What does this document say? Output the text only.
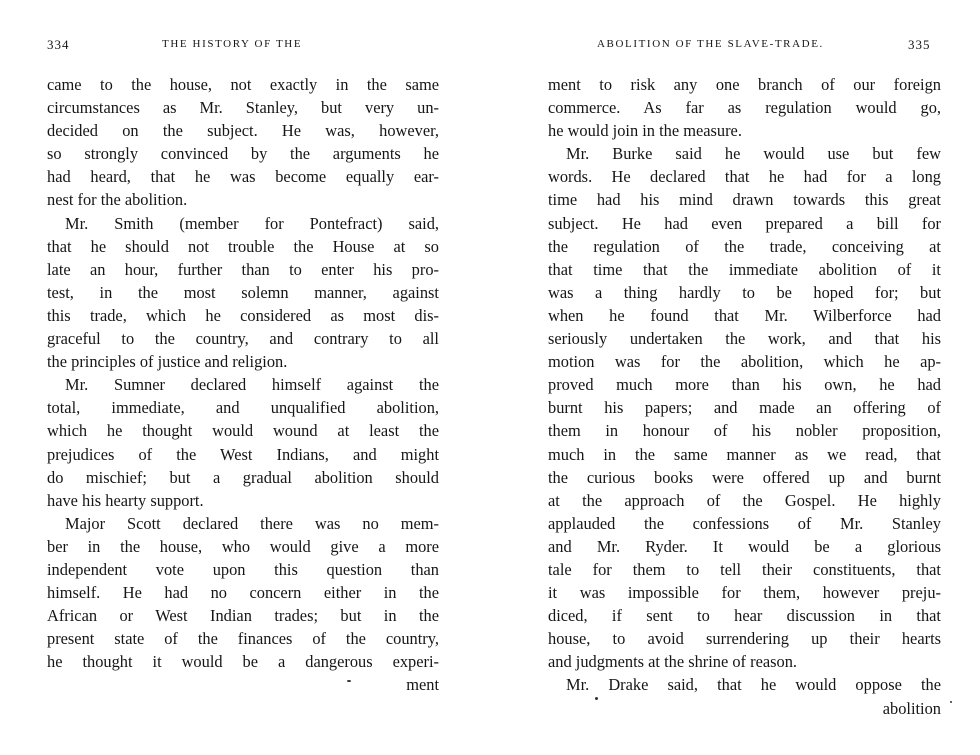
334	THE HISTORY OF THE
came to the house, not exactly in the same
circumstances as Mr. Stanley, but very un-
decided on the subject. He was, however,
so strongly convinced by the arguments he
had heard, that he was become equally ear-
nest for the abolition.
Mr. Smith (member for Pontefract) said,
that he should not trouble the House at so
late an hour, further than to enter his pro-
test, in the most solemn manner, against
this trade, which he considered as most dis-
graceful to the country, and contrary to all
the principles of justice and religion.
Mr. Sumner declared himself against the
total, immediate, and unqualified abolition,
which he thought would wound at least the
prejudices of the West Indians, and might
do mischief; but a gradual abolition should
have his hearty support.
Major Scott declared there was no mem-
ber in the house, who would give a more
independent vote upon this question than
himself. He had no concern either in the
African or West Indian trades; but in the
present state of the finances of the country,
he thought it would be a dangerous experi-
ment
ABOLITION OF THE SLAVE-TRADE.	335
ment to risk any one branch of our foreign
commerce. As far as regulation would go,
he would join in the measure.
Mr. Burke said he would use but few
words. He declared that he had for a long
time had his mind drawn towards this great
subject. He had even prepared a bill for
the regulation of the trade, conceiving at
that time that the immediate abolition of it
was a thing hardly to be hoped for; but
when he found that Mr. Wilberforce had
seriously undertaken the work, and that his
motion was for the abolition, which he ap-
proved much more than his own, he had
burnt his papers; and made an offering of
them in honour of his nobler proposition,
much in the same manner as we read, that
the curious books were offered up and burnt
at the approach of the Gospel. He highly
applauded the confessions of Mr. Stanley
and Mr. Ryder. It would be a glorious
tale for them to tell their constituents, that
it was impossible for them, however preju-
diced, if sent to hear discussion in that
house, to avoid surrendering up their hearts
and judgments at the shrine of reason.
Mr. Drake said, that he would oppose the
abolition
